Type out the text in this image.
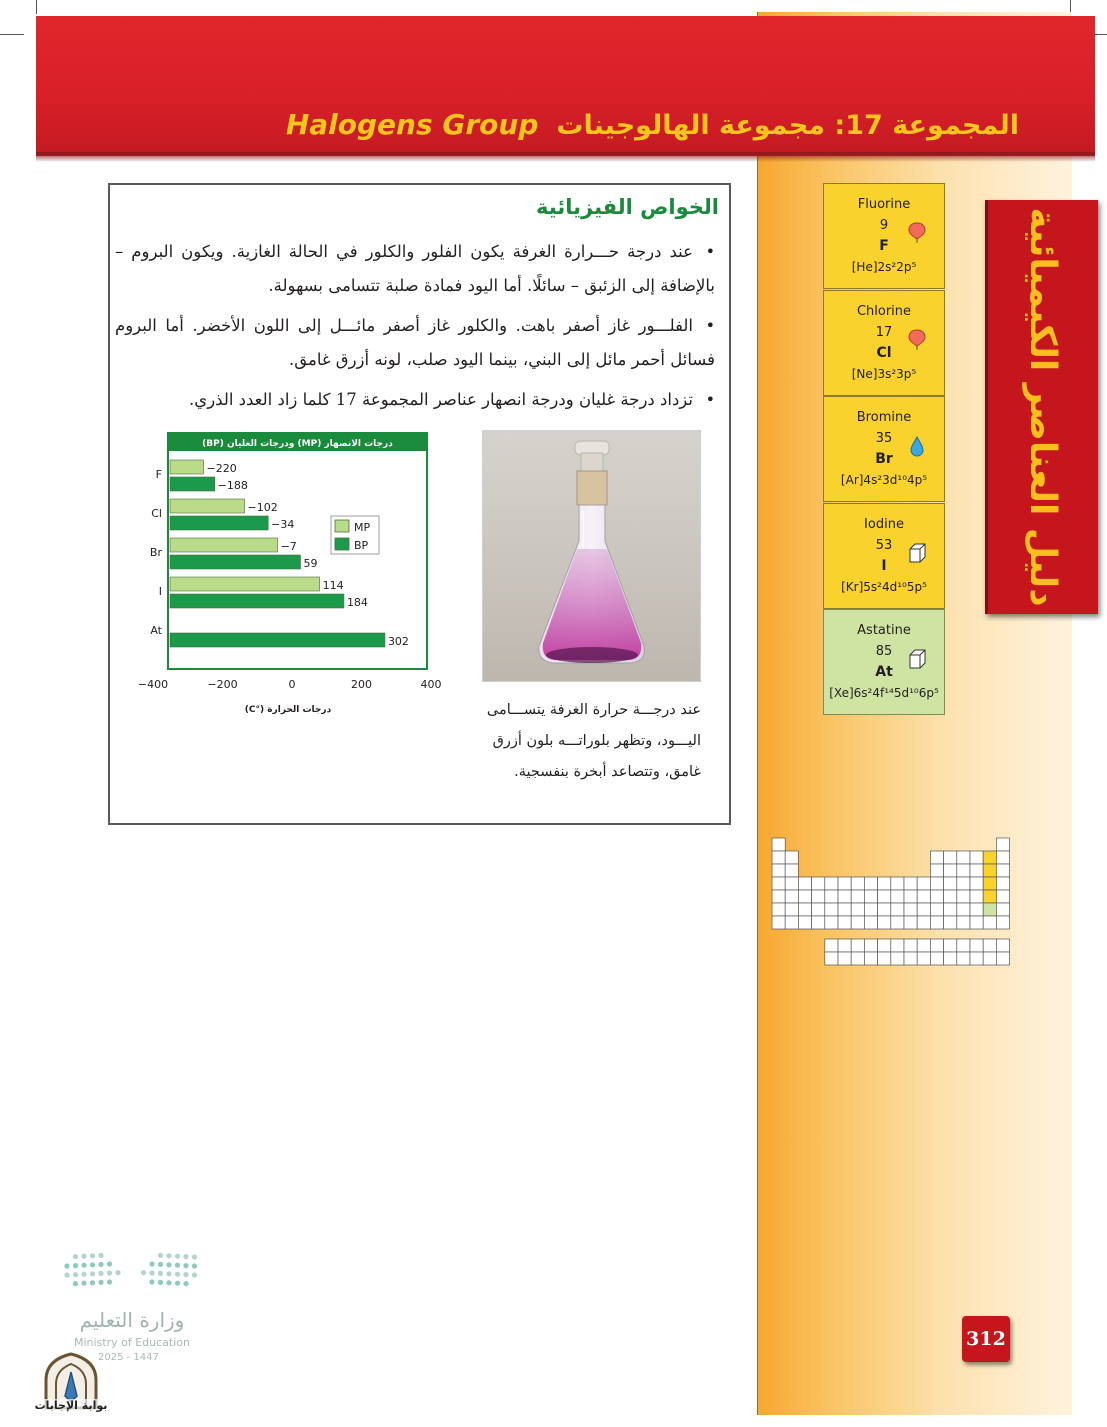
Halogens Group المجموعة 17: مجموعة الهالوجينات
Fluorine
9
F
[He]2s²2p⁵
Chlorine
17
Cl
[Ne]3s²3p⁵
Bromine
35
Br
[Ar]4s²3d¹⁰4p⁵
Iodine
53
I
[Kr]5s²4d¹⁰5p⁵
Astatine
85
At
[Xe]6s²4f¹⁴5d¹⁰6p⁵
دليل العناصر الكيميائية
الخواص الفيزيائية
•عند درجة حـــرارة الغرفة يكون الفلور والكلور في الحالة الغازية. ويكون البروم – بالإضافة إلى الزئبق – سائلًا. أما اليود فمادة صلبة تتسامى بسهولة.
•الفلـــور غاز أصفر باهت. والكلور غاز أصفر مائـــل إلى اللون الأخضر. أما البروم فسائل أحمر مائل إلى البني، بينما اليود صلب، لونه أزرق غامق.
•تزداد درجة غليان ودرجة انصهار عناصر المجموعة 17 كلما زاد العدد الذري.
درجات الانصهار (MP) ودرجات الغليان (BP)
F	−220
−188
Cl	−102
−34
Br	−7
59
I	114
184
At
302
MP
BP
−400	−200	0	200	400
درجات الحرارة (°C)	عند درجـــة حرارة الغرفة يتســـامى اليـــود، وتظهر بلوراتـــه بلون أزرق غامق، وتتصاعد أبخرة بنفسجية.
وزارة التعليم
Ministry of Education
2025 - 1447
بوابة الإجابات
312
